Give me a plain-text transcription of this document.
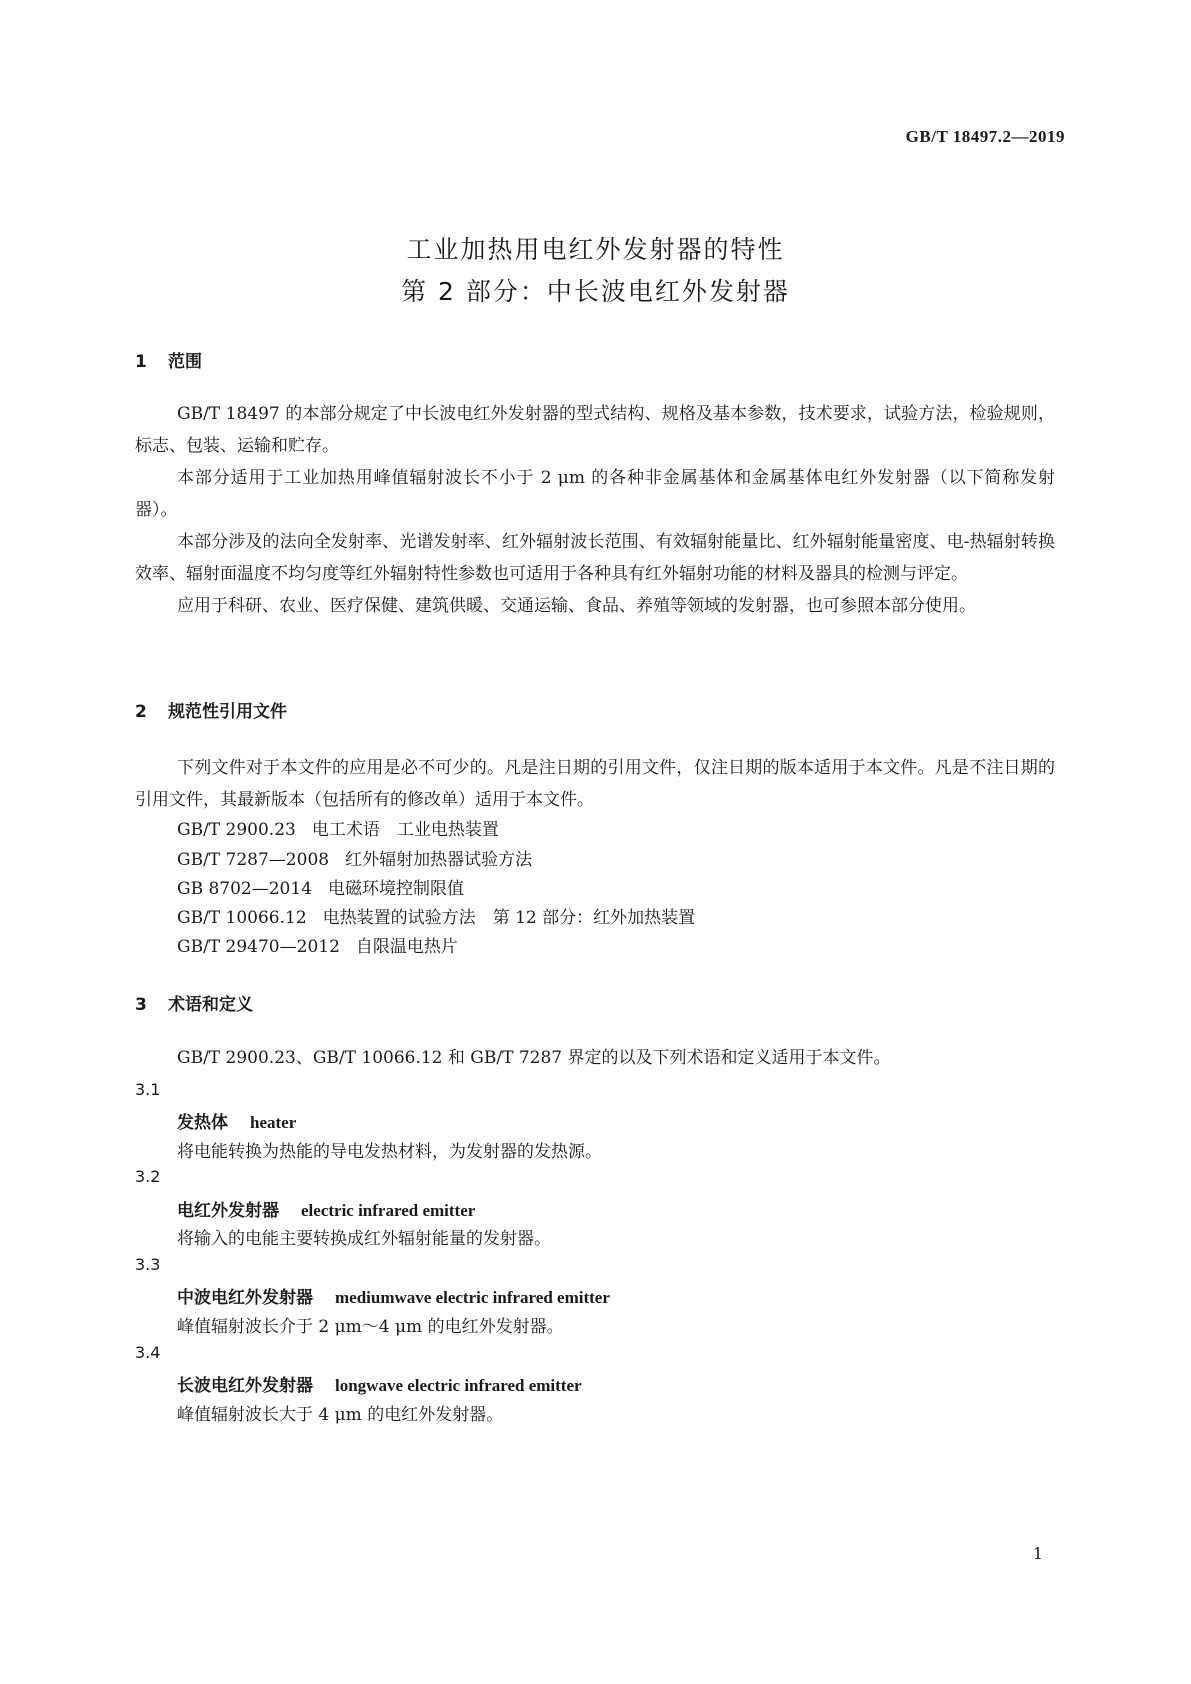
GB/T 18497.2—2019
工业加热用电红外发射器的特性
第 2 部分：中长波电红外发射器
1 范围

GB/T 18497 的本部分规定了中长波电红外发射器的型式结构、规格及基本参数，技术要求，试验方法，检验规则，标志、包装、运输和贮存。

本部分适用于工业加热用峰值辐射波长不小于 2 μm 的各种非金属基体和金属基体电红外发射器（以下简称发射器）。

本部分涉及的法向全发射率、光谱发射率、红外辐射波长范围、有效辐射能量比、红外辐射能量密度、电-热辐射转换效率、辐射面温度不均匀度等红外辐射特性参数也可适用于各种具有红外辐射功能的材料及器具的检测与评定。

应用于科研、农业、医疗保健、建筑供暖、交通运输、食品、养殖等领域的发射器，也可参照本部分使用。

2 规范性引用文件

下列文件对于本文件的应用是必不可少的。凡是注日期的引用文件，仅注日期的版本适用于本文件。凡是不注日期的引用文件，其最新版本（包括所有的修改单）适用于本文件。

GB/T 2900.23 电工术语　工业电热装置
GB/T 7287—2008 红外辐射加热器试验方法
GB 8702—2014 电磁环境控制限值
GB/T 10066.12 电热装置的试验方法　第 12 部分：红外加热装置
GB/T 29470—2012 自限温电热片
3 术语和定义

GB/T 2900.23、GB/T 10066.12 和 GB/T 7287 界定的以及下列术语和定义适用于本文件。

3.1
发热体 heater
将电能转换为热能的导电发热材料，为发射器的发热源。
3.2
电红外发射器 electric infrared emitter
将输入的电能主要转换成红外辐射能量的发射器。
3.3
中波电红外发射器 mediumwave electric infrared emitter
峰值辐射波长介于 2 μm～4 μm 的电红外发射器。
3.4
长波电红外发射器 longwave electric infrared emitter
峰值辐射波长大于 4 μm 的电红外发射器。
1
